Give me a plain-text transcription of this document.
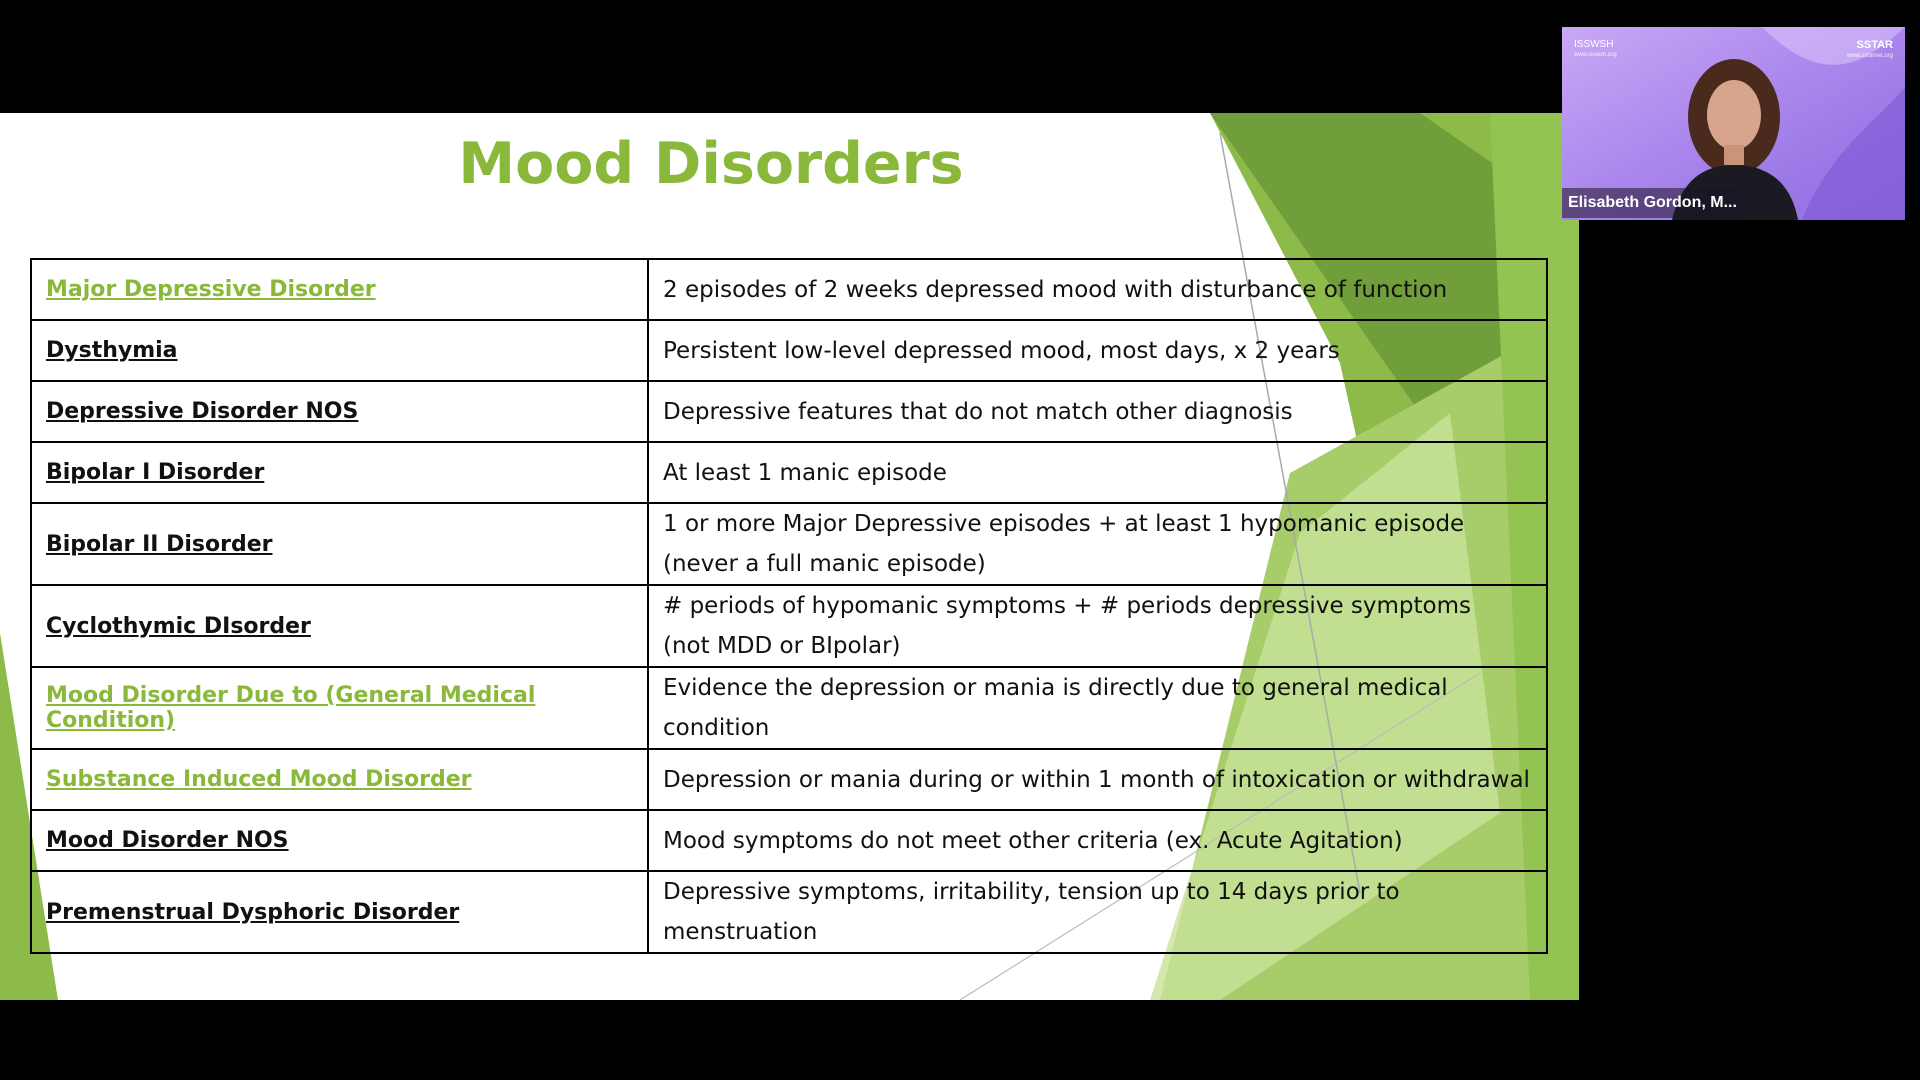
Mood Disorders
Major Depressive Disorder	2 episodes of 2 weeks depressed mood with disturbance of function

Dysthymia	Persistent low-level depressed mood, most days, x 2 years

Depressive Disorder NOS	Depressive features that do not match other diagnosis

Bipolar I Disorder	At least 1 manic episode

Bipolar II Disorder	1 or more Major Depressive episodes + at least 1 hypomanic episode
(never a full manic episode)

Cyclothymic DIsorder	# periods of hypomanic symptoms + # periods depressive symptoms
(not MDD or BIpolar)

Mood Disorder Due to (General Medical Condition)	Evidence the depression or mania is directly due to general medical condition

Substance Induced Mood Disorder	Depression or mania during or within 1 month of intoxication or withdrawal

Mood Disorder NOS	Mood symptoms do not meet other criteria (ex. Acute Agitation)

Premenstrual Dysphoric Disorder	Depressive symptoms, irritability, tension up to 14 days prior to menstruation
ISSWSH
www.isswsh.org
SSTAR
www.sstarnet.org
Elisabeth Gordon, M...
